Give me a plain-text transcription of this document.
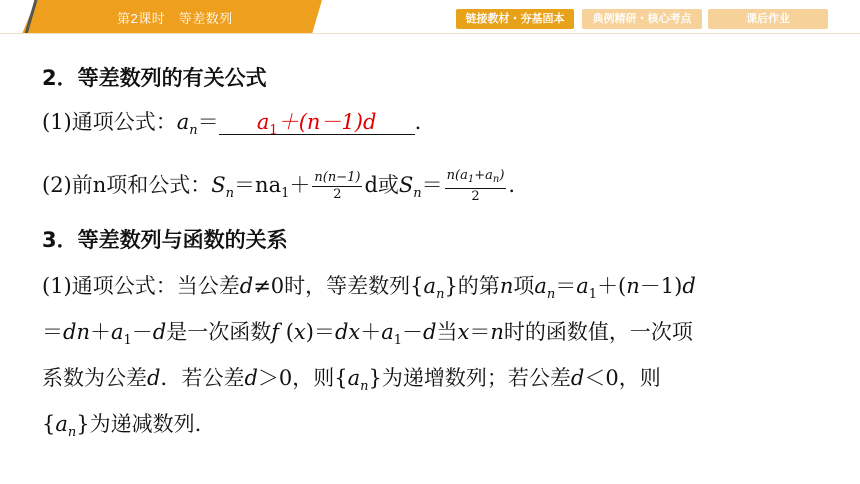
第2课时　等差数列	链接教材・夯基固本	典例精研・核心考点	课后作业
2．等差数列的有关公式
(1)通项公式：$a_n= a_1+(n-1)d$ .
(2)前n项和公式：$S_n=na_1+ \frac{n(n-1)}{2}$ d或$S_n= \frac{n(a_1+a_n)}{2}$ .
3．等差数列与函数的关系
(1)通项公式：当公差d≠0时，等差数列$\{a_n\}$的第n项$a_n=a_1+(n-1)d$
$=dn+a_1-d$是一次函数f $(x)=dx+a_1-d$当x＝n时的函数值，一次项
系数为公差d．若公差d＞0，则$\{a_n\}$为递增数列；若公差d＜0，则
$\{a_n\}$为递减数列.
